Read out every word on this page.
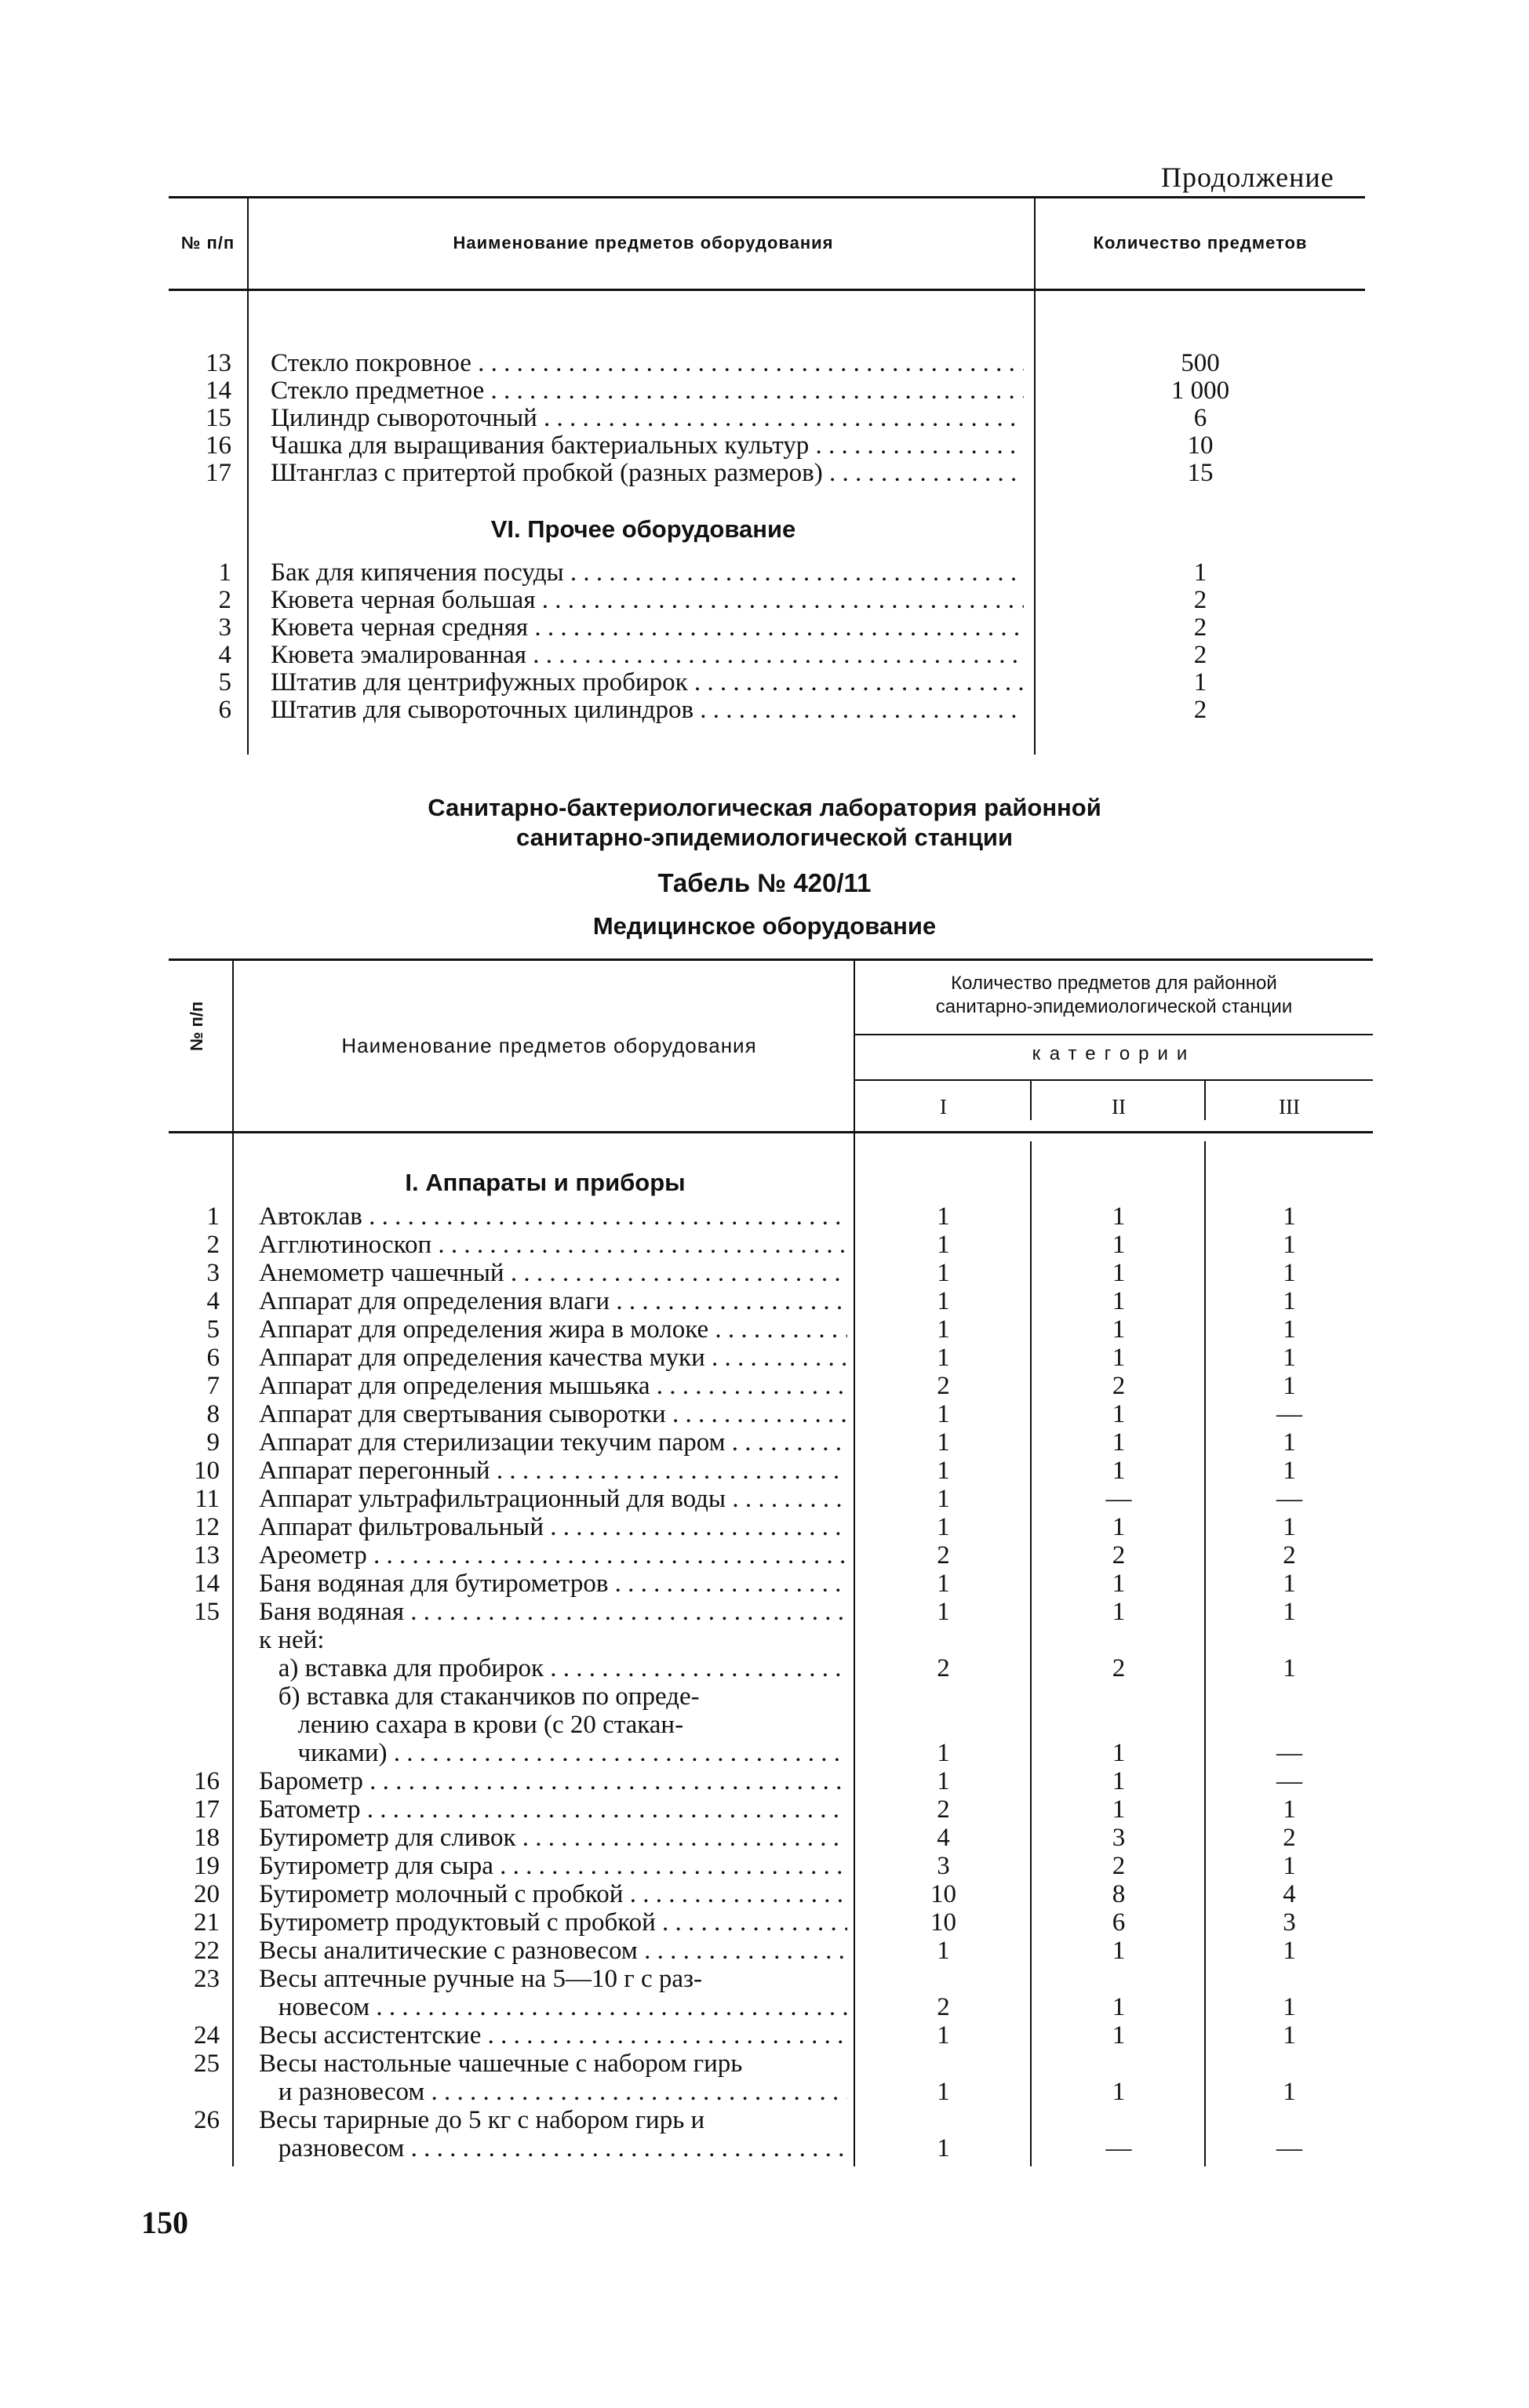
Продолжение
№ п/п	Наименование предметов оборудования	Количество предметов
13 Стекло покровное . . .	500
14 Стекло предметное . . .	1 000
15 Цилиндр сывороточный . . .	6
16 Чашка для выращивания бактериальных культур . . .	10
17 Штанглаз с притертой пробкой (разных размеров) . . .	15
VI. Прочее оборудование
1 Бак для кипячения посуды . . .	1
2 Кювета черная большая . . .	2
3 Кювета черная средняя . . .	2
4 Кювета эмалированная . . .	2
5 Штатив для центрифужных пробирок . . .	1
6 Штатив для сывороточных цилиндров . . .	2
Санитарно-бактериологическая лаборатория районной
санитарно-эпидемиологической станции
Табель № 420/11
Медицинское оборудование
№ п/п	Наименование предметов оборудования
Количество предметов для районной
санитарно-эпидемиологической станции
категории
I	II	III
I. Аппараты и приборы
1 Автоклав . . .	1	1	1
2 Агглютиноскоп . . .	1	1	1
3 Анемометр чашечный . . .	1	1	1
4 Аппарат для определения влаги . . .	1	1	1
5 Аппарат для определения жира в молоке . . .	1	1	1
6 Аппарат для определения качества муки . . .	1	1	1
7 Аппарат для определения мышьяка . . .	2	2	1
8 Аппарат для свертывания сыворотки . . .	1	1	—
9 Аппарат для стерилизации текучим паром . . .	1	1	1
10 Аппарат перегонный . . .	1	1	1
11 Аппарат ультрафильтрационный для воды . . .	1	—	—
12 Аппарат фильтровальный . . .	1	1	1
13 Ареометр . . .	2	2	2
14 Баня водяная для бутирометров . . .	1	1	1
15 Баня водяная . . .	1	1	1
к ней:
а) вставка для пробирок . . .	2	2	1
б) вставка для стаканчиков по опреде-
лению сахара в крови (с 20 стакан-
чиками) . . .	1	1	—
16 Барометр . . .	1	1	—
17 Батометр . . .	2	1	1
18 Бутирометр для сливок . . .	4	3	2
19 Бутирометр для сыра . . .	3	2	1
20 Бутирометр молочный с пробкой . . .	10	8	4
21 Бутирометр продуктовый с пробкой . . .	10	6	3
22 Весы аналитические с разновесом . . .	1	1	1
23 Весы аптечные ручные на 5—10 г с раз-
новесом . . .	2	1	1
24 Весы ассистентские . . .	1	1	1
25 Весы настольные чашечные с набором гирь
и разновесом . . .	1	1	1
26 Весы тарирные до 5 кг с набором гирь и
разновесом . . .	1	—	—
150
